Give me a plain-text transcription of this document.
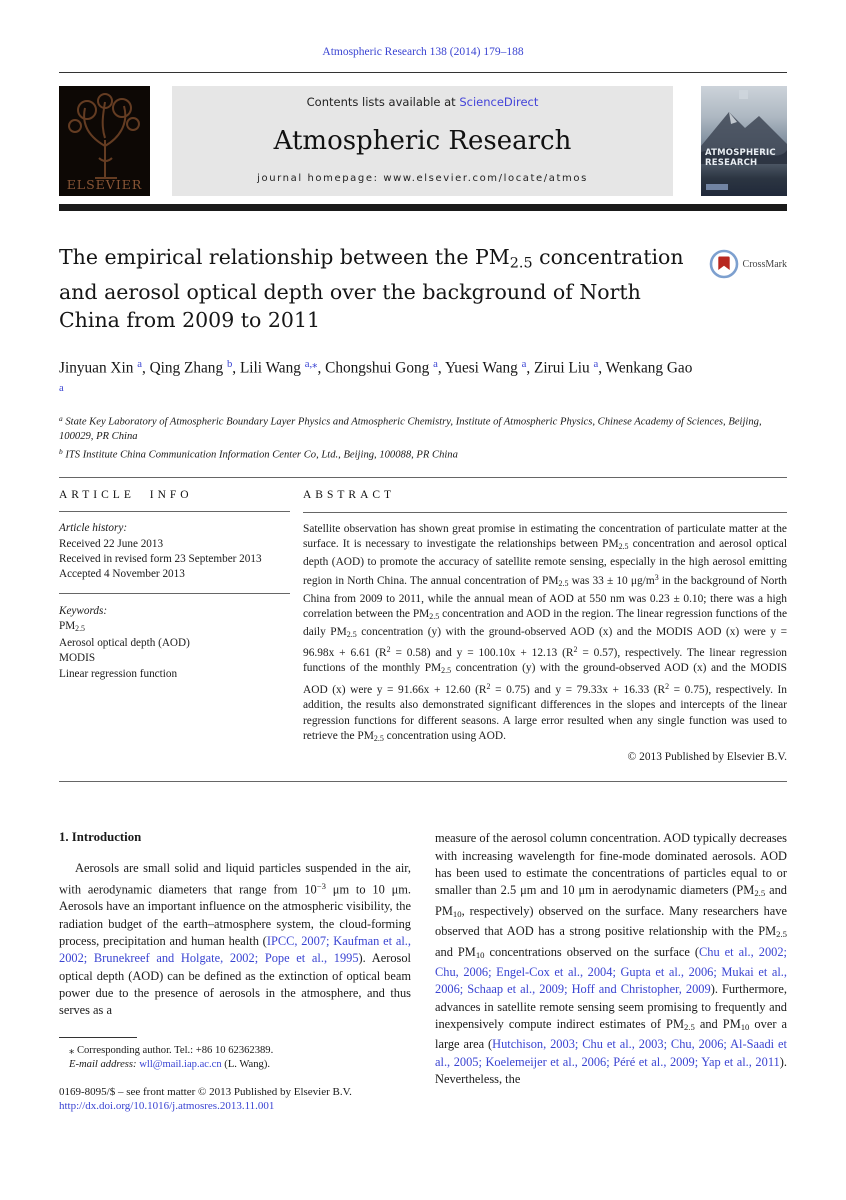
Atmospheric Research 138 (2014) 179–188
ELSEVIER
Contents lists available at ScienceDirect
Atmospheric Research
journal homepage: www.elsevier.com/locate/atmos
ATMOSPHERIC
RESEARCH
CrossMark
The empirical relationship between the PM2.5 concentration and aerosol optical depth over the background of North China from 2009 to 2011
Jinyuan Xin $^a$, Qing Zhang $^b$, Lili Wang $^{a,⁎}$, Chongshui Gong $^a$, Yuesi Wang $^a$, Zirui Liu $^a$, Wenkang Gao $^a$
$^a$ State Key Laboratory of Atmospheric Boundary Layer Physics and Atmospheric Chemistry, Institute of Atmospheric Physics, Chinese Academy of Sciences, Beijing, 100029, PR China
$^b$ ITS Institute China Communication Information Center Co, Ltd., Beijing, 100088, PR China
ARTICLE INFO
Article history:
Received 22 June 2013
Received in revised form 23 September 2013
Accepted 4 November 2013
Keywords:
PM2.5
Aerosol optical depth (AOD)
MODIS
Linear regression function
ABSTRACT
Satellite observation has shown great promise in estimating the concentration of particulate matter at the surface. It is necessary to investigate the relationships between PM2.5 concentration and aerosol optical depth (AOD) to promote the accuracy of satellite remote sensing, especially in the high aerosol emitting region in North China. The annual concentration of PM2.5 was 33 ± 10 $\mu g/m^3$ in the background of North China from 2009 to 2011, while the annual mean of AOD at 550 nm was 0.23 ± 0.10; there was a high correlation between the PM2.5 concentration and AOD in the region. The linear regression functions of the daily PM2.5 concentration (y) with the ground-observed AOD (x) and the MODIS AOD (x) were y = 96.98x + 6.61 $(R^2 = 0.58)$ and y = 100.10x + 12.13 $(R^2 = 0.57)$, respectively. The linear regression functions of the monthly PM2.5 concentration (y) with the ground-observed AOD (x) and the MODIS AOD (x) were y = 91.66x + 12.60 $(R^2 = 0.75)$ and y = 79.33x + 16.33 $(R^2 = 0.75)$, respectively. In addition, the results also demonstrated significant differences in the slopes and intercepts of the linear regression functions for different seasons. A large error resulted when any single function was used to retrieve the PM2.5 concentration using AOD.
© 2013 Published by Elsevier B.V.
1. Introduction

Aerosols are small solid and liquid particles suspended in the air, with aerodynamic diameters that range from $10^{-3}$ μm to 10 μm. Aerosols have an important influence on the atmospheric visibility, the radiation budget of the earth–atmosphere system, the cloud-forming process, precipitation and human health (IPCC, 2007; Kaufman et al., 2002; Brunekreef and Holgate, 2002; Pope et al., 1995). Aerosol optical depth (AOD) can be defined as the extinction of optical beam power due to the presence of aerosols in the atmosphere, and thus serves as a

⁎ Corresponding author. Tel.: +86 10 62362389.
E-mail address: wll@mail.iap.ac.cn (L. Wang).
0169-8095/$ – see front matter © 2013 Published by Elsevier B.V.
http://dx.doi.org/10.1016/j.atmosres.2013.11.001

measure of the aerosol column concentration. AOD typically decreases with increasing wavelength for fine-mode dominated aerosols. AOD has been used to estimate the concentrations of particles equal to or smaller than 2.5 μm and 10 μm in aerodynamic diameters (PM2.5 and PM10, respectively) observed on the surface. Many researchers have observed that AOD has a strong positive relationship with the PM2.5 and PM10 concentrations observed on the surface (Chu et al., 2002; Chu, 2006; Engel-Cox et al., 2004; Gupta et al., 2006; Mukai et al., 2006; Schaap et al., 2009; Hoff and Christopher, 2009). Furthermore, advances in satellite remote sensing seem promising to frequently and inexpensively compute indirect estimates of PM2.5 and PM10 over a large area (Hutchison, 2003; Chu et al., 2003; Chu, 2006; Al-Saadi et al., 2005; Koelemeijer et al., 2006; Péré et al., 2009; Yap et al., 2011). Nevertheless, the
